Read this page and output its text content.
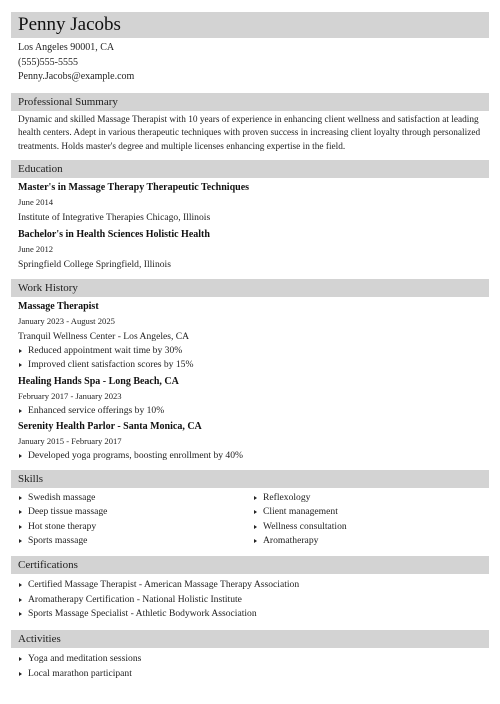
Penny Jacobs
Los Angeles 90001, CA
(555)555-5555
Penny.Jacobs@example.com
Professional Summary
Dynamic and skilled Massage Therapist with 10 years of experience in enhancing client wellness and satisfaction at leading health centers. Adept in various therapeutic techniques with proven success in increasing client loyalty through personalized treatments. Holds master's degree and multiple licenses enhancing expertise in the field.
Education
Master's in Massage Therapy Therapeutic Techniques
June 2014
Institute of Integrative Therapies Chicago, Illinois
Bachelor's in Health Sciences Holistic Health
June 2012
Springfield College Springfield, Illinois
Work History
Massage Therapist
January 2023 - August 2025
Tranquil Wellness Center - Los Angeles, CA
Reduced appointment wait time by 30%
Improved client satisfaction scores by 15%
Healing Hands Spa - Long Beach, CA
February 2017 - January 2023
Enhanced service offerings by 10%
Serenity Health Parlor - Santa Monica, CA
January 2015 - February 2017
Developed yoga programs, boosting enrollment by 40%
Skills
Swedish massage
Deep tissue massage
Hot stone therapy
Sports massage
Reflexology
Client management
Wellness consultation
Aromatherapy
Certifications
Certified Massage Therapist - American Massage Therapy Association
Aromatherapy Certification - National Holistic Institute
Sports Massage Specialist - Athletic Bodywork Association
Activities
Yoga and meditation sessions
Local marathon participant
